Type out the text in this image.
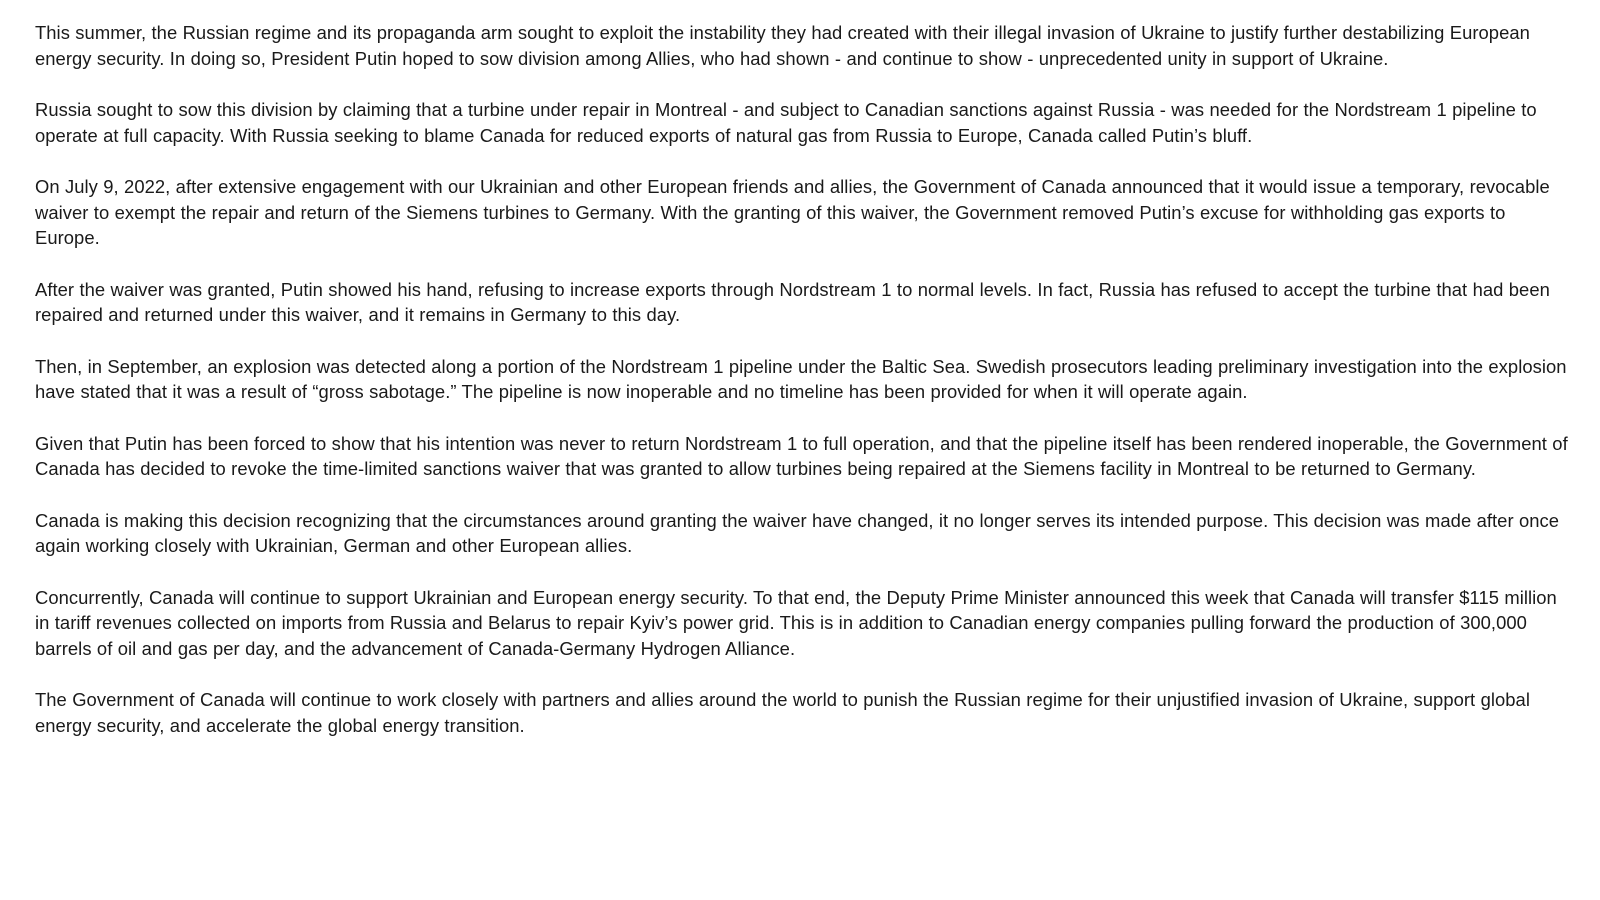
This summer, the Russian regime and its propaganda arm sought to exploit the instability they had created with their illegal invasion of Ukraine to justify further destabilizing European energy security. In doing so, President Putin hoped to sow division among Allies, who had shown - and continue to show - unprecedented unity in support of Ukraine.

Russia sought to sow this division by claiming that a turbine under repair in Montreal - and subject to Canadian sanctions against Russia - was needed for the Nordstream 1 pipeline to operate at full capacity. With Russia seeking to blame Canada for reduced exports of natural gas from Russia to Europe, Canada called Putin’s bluff.

On July 9, 2022, after extensive engagement with our Ukrainian and other European friends and allies, the Government of Canada announced that it would issue a temporary, revocable waiver to exempt the repair and return of the Siemens turbines to Germany. With the granting of this waiver, the Government removed Putin’s excuse for withholding gas exports to Europe.

After the waiver was granted, Putin showed his hand, refusing to increase exports through Nordstream 1 to normal levels. In fact, Russia has refused to accept the turbine that had been repaired and returned under this waiver, and it remains in Germany to this day.

Then, in September, an explosion was detected along a portion of the Nordstream 1 pipeline under the Baltic Sea. Swedish prosecutors leading preliminary investigation into the explosion have stated that it was a result of “gross sabotage.” The pipeline is now inoperable and no timeline has been provided for when it will operate again.

Given that Putin has been forced to show that his intention was never to return Nordstream 1 to full operation, and that the pipeline itself has been rendered inoperable, the Government of Canada has decided to revoke the time-limited sanctions waiver that was granted to allow turbines being repaired at the Siemens facility in Montreal to be returned to Germany.

Canada is making this decision recognizing that the circumstances around granting the waiver have changed, it no longer serves its intended purpose. This decision was made after once again working closely with Ukrainian, German and other European allies.

Concurrently, Canada will continue to support Ukrainian and European energy security. To that end, the Deputy Prime Minister announced this week that Canada will transfer $115 million in tariff revenues collected on imports from Russia and Belarus to repair Kyiv’s power grid. This is in addition to Canadian energy companies pulling forward the production of 300,000 barrels of oil and gas per day, and the advancement of Canada-Germany Hydrogen Alliance.

The Government of Canada will continue to work closely with partners and allies around the world to punish the Russian regime for their unjustified invasion of Ukraine, support global energy security, and accelerate the global energy transition.
